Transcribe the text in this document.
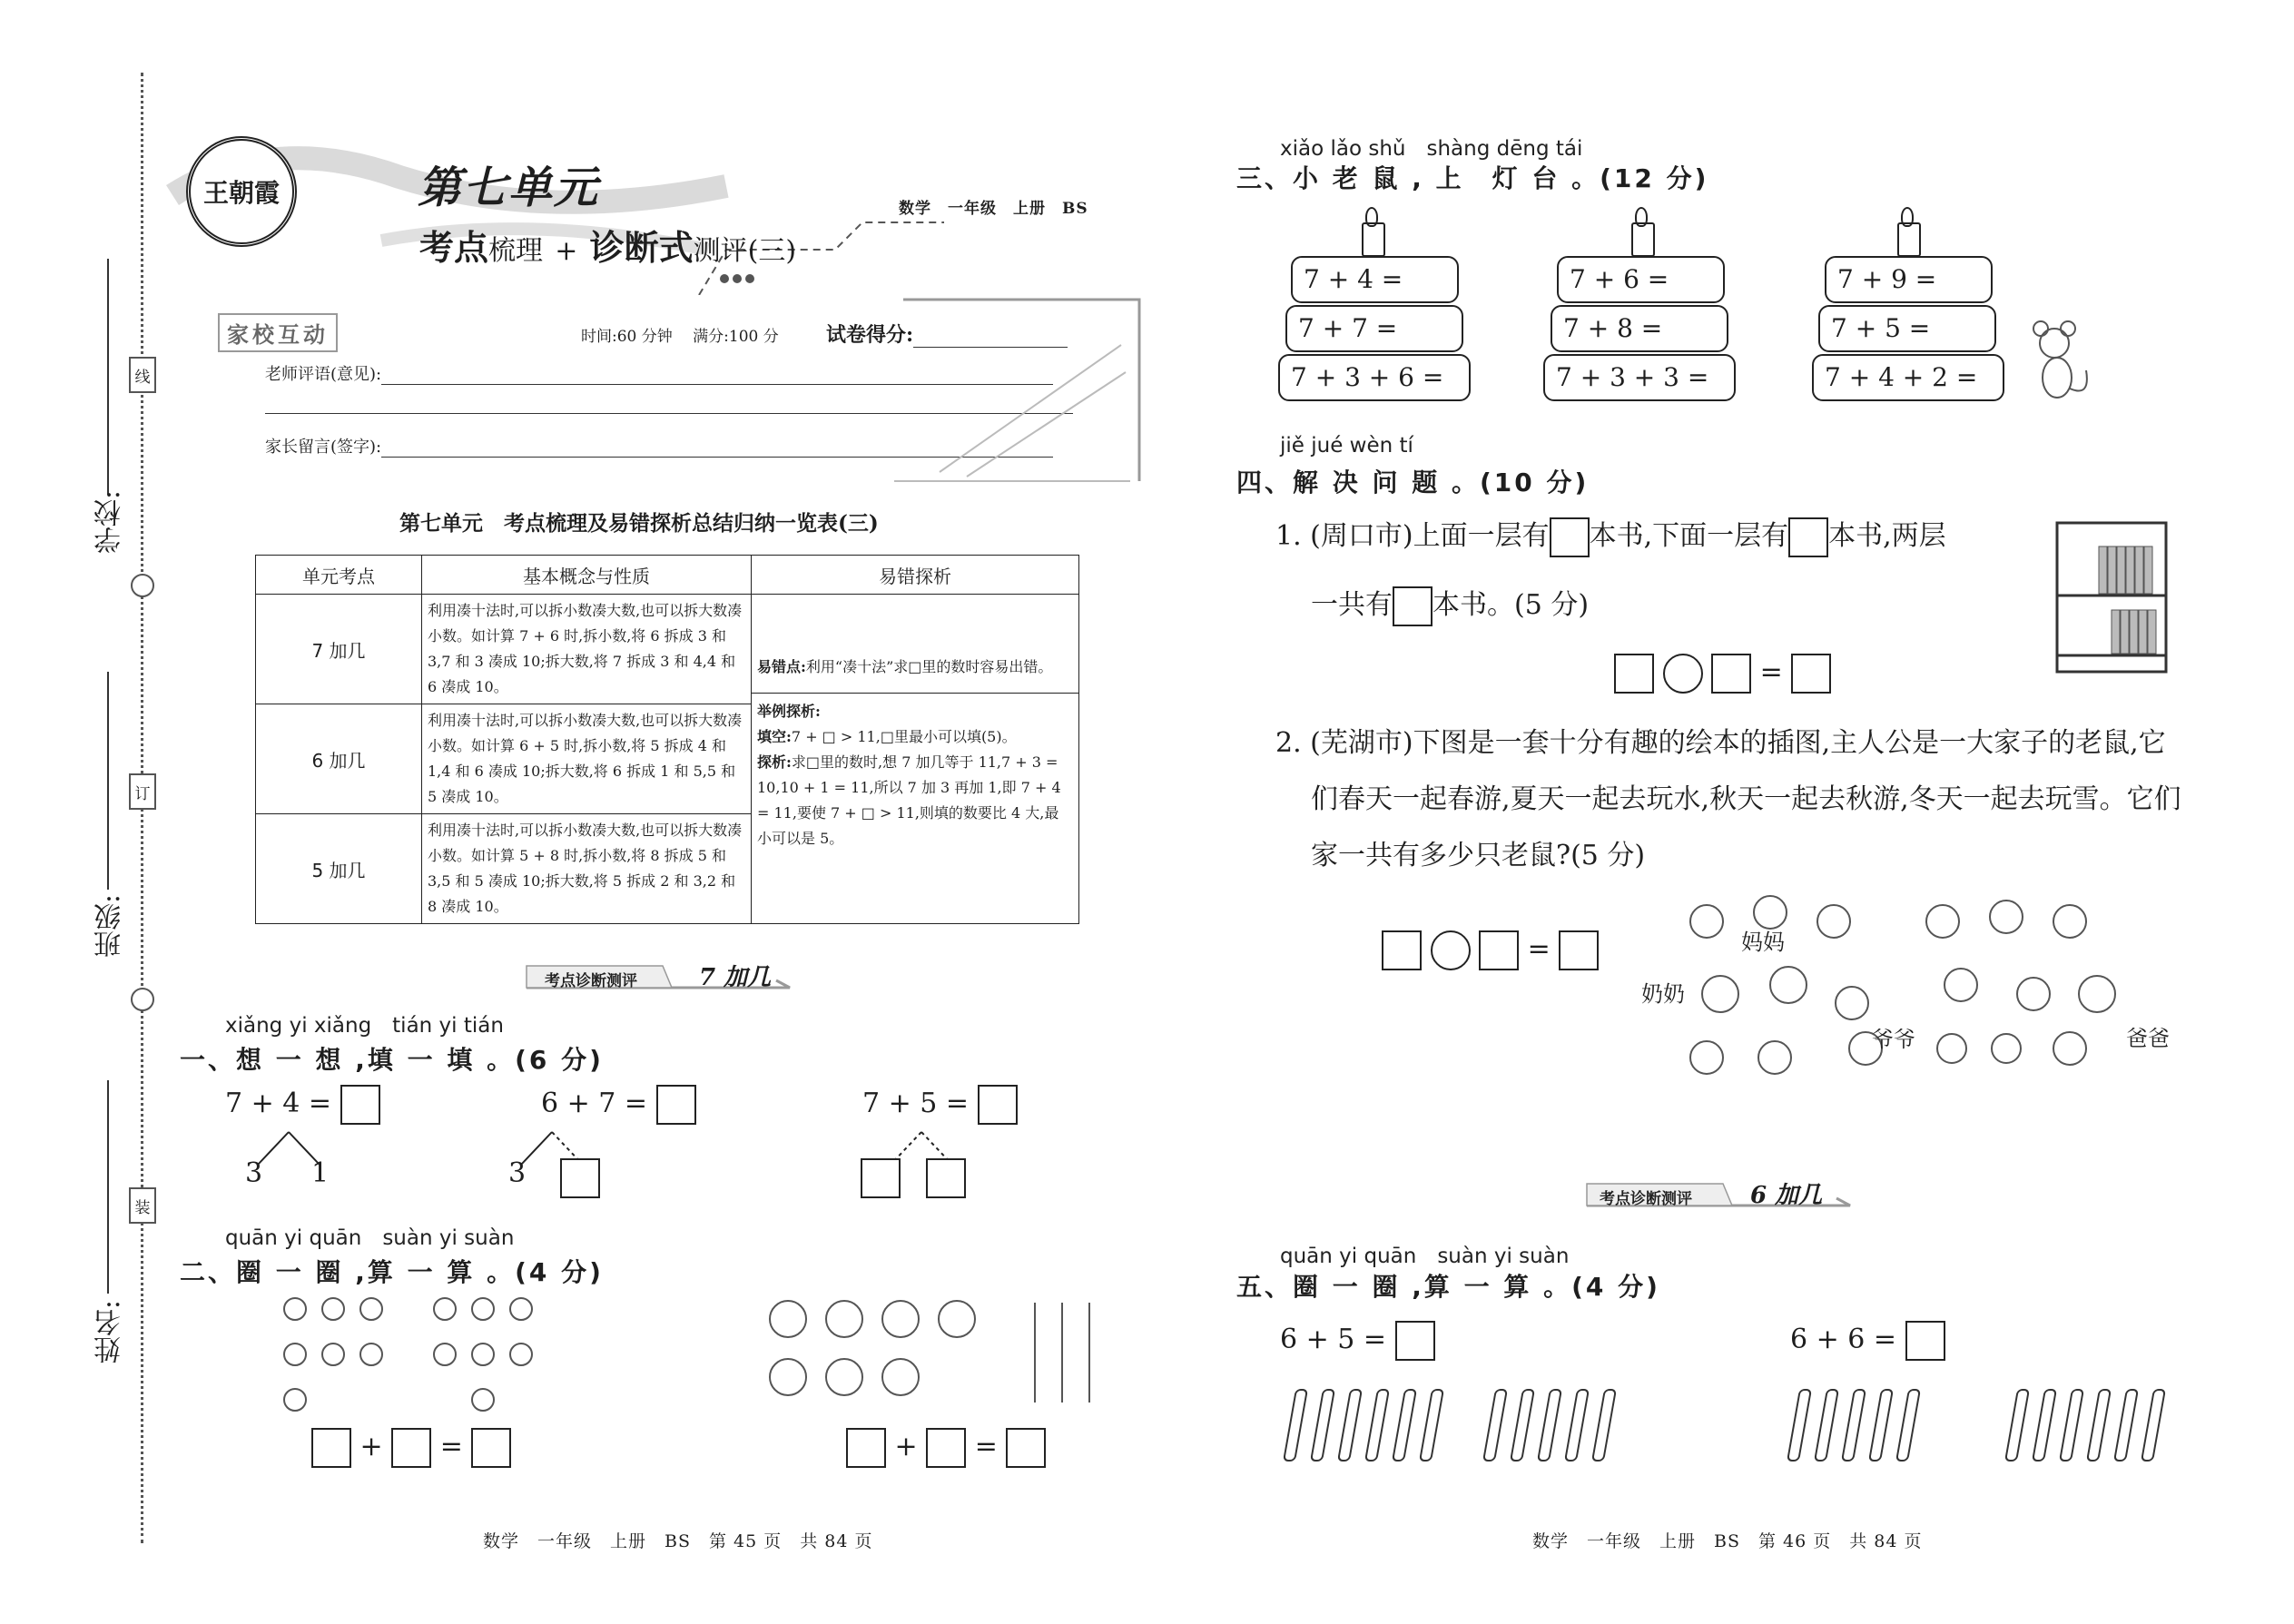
线
订
装
学校:
班级:
姓名:
王朝霞	第七单元
考点梳理 + 诊断式测评(三)
数学　一年级　上册　BS
家校互动	时间:60 分钟　 满分:100 分 试卷得分:
老师评语(意见):
家长留言(签字):
第七单元　考点梳理及易错探析总结归纳一览表(三)
单元考点	基本概念与性质	易错探析
7 加几	利用凑十法时,可以拆小数凑大数,也可以拆大数凑小数。如计算 7 + 6 时,拆小数,将 6 拆成 3 和 3,7 和 3 凑成 10;拆大数,将 7 拆成 3 和 4,4 和 6 凑成 10。	易错点:利用“凑十法”求□里的数时容易出错。
举例探析:
填空:7 + □ > 11,□里最小可以填(5)。
探析:求□里的数时,想 7 加几等于 11,7 + 3 = 10,10 + 1 = 11,所以 7 加 3 再加 1,即 7 + 4 = 11,要使 7 + □ > 11,则填的数要比 4 大,最小可以是 5。

6 加几	利用凑十法时,可以拆小数凑大数,也可以拆大数凑小数。如计算 6 + 5 时,拆小数,将 5 拆成 4 和 1,4 和 6 凑成 10;拆大数,将 6 拆成 1 和 5,5 和 5 凑成 10。	
5 加几	利用凑十法时,可以拆小数凑大数,也可以拆大数凑小数。如计算 5 + 8 时,拆小数,将 8 拆成 5 和 3,5 和 5 凑成 10;拆大数,将 5 拆成 2 和 3,2 和 8 凑成 10。	
考点诊断测评	7 加几
xiǎng yi xiǎng　tián yi tián
一、想 一 想 ,填 一 填 。(6 分)
7 + 4 =
3 1
6 + 7 =
3
7 + 5 =
quān yi quān　suàn yi suàn
二、圈 一 圈 ,算 一 算 。(4 分)
+ =	+ =
数学　一年级　上册　BS　第 45 页　共 84 页
xiǎo lǎo shǔ　shàng dēng tái
三、小 老 鼠 , 上　灯 台 。(12 分)
7 + 4 =
7 + 7 =
7 + 3 + 6 =
7 + 6 =
7 + 8 =
7 + 3 + 3 =
7 + 9 =
7 + 5 =
7 + 4 + 2 =
jiě jué wèn tí
四、解 决 问 题 。(10 分)
1. (周口市)上面一层有 本书,下面一层有 本书,两层
一共有 本书。(5 分)
=
2. (芜湖市)下图是一套十分有趣的绘本的插图,主人公是一大家子的老鼠,它
们春天一起春游,夏天一起去玩水,秋天一起去秋游,冬天一起去玩雪。它们
家一共有多少只老鼠?(5 分)
=	妈妈
奶奶
爷爷	爸爸
考点诊断测评 6 加几
quān yi quān　suàn yi suàn
五、圈 一 圈 ,算 一 算 。(4 分)
6 + 5 =	6 + 6 =
数学　一年级　上册　BS　第 46 页　共 84 页
